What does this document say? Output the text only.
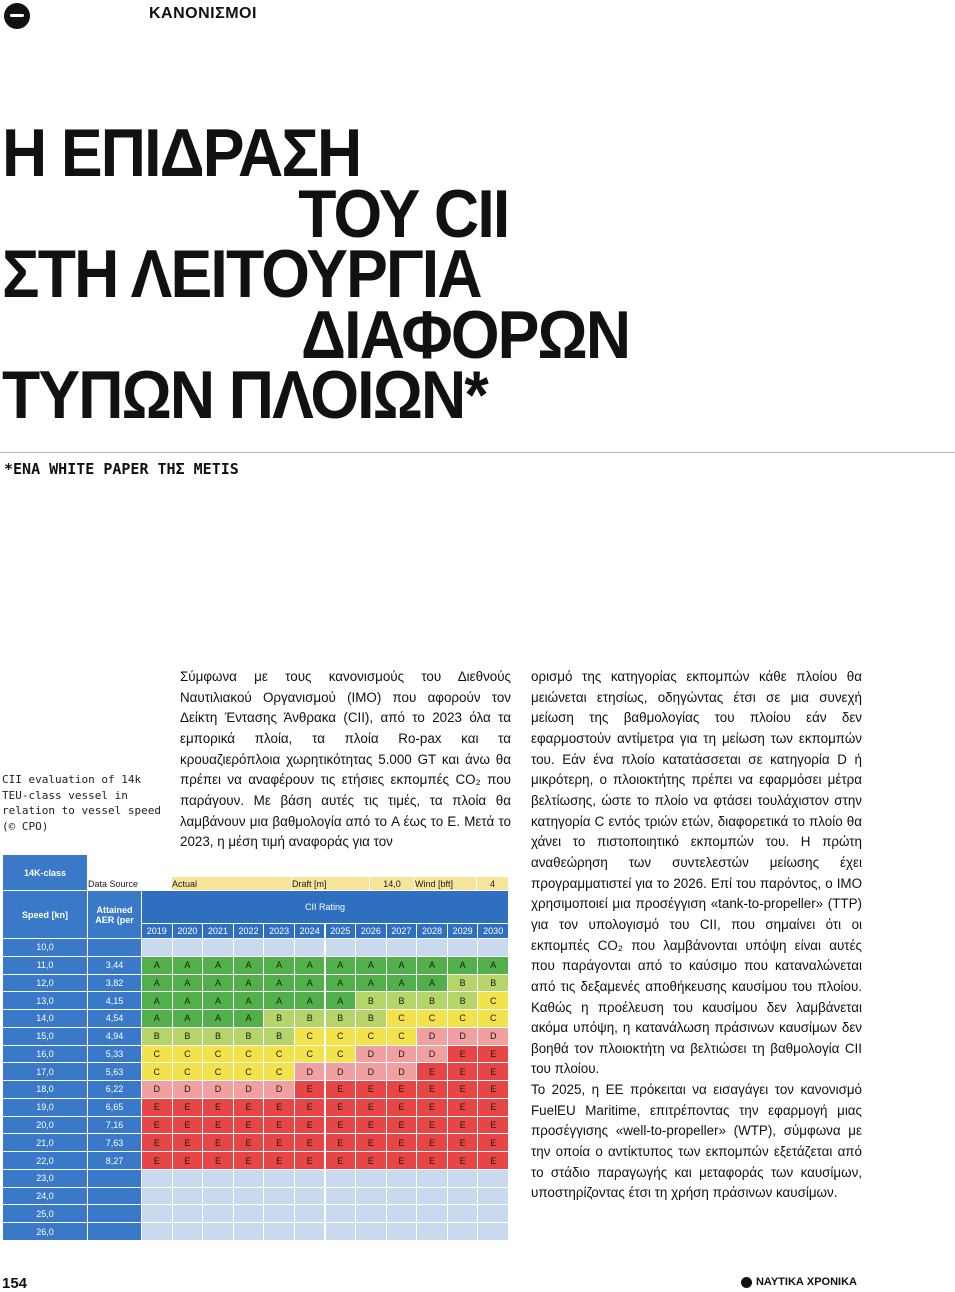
ΚΑΝΟΝΙΣΜΟΙ
Η ΕΠΙΔΡΑΣΗ
ΤΟΥ CII
ΣΤΗ ΛΕΙΤΟΥΡΓΙΑ
ΔΙΑΦΟΡΩΝ
ΤΥΠΩΝ ΠΛΟΙΩΝ*
*ΕΝΑ WHITE PAPER ΤΗΣ METIS
CII evaluation of 14k TEU-class vessel in relation to vessel speed (© CPO)
14K-class
Data Source	Actual	Draft [m]	14,0	Wind [bft]	4
Speed [kn]	Attained AER (per
CII Rating
2019	2020	2021	2022	2023	2024	2025	2026	2027	2028	2029	2030
10,0
11,0	3,44	A	A	A	A	A	A	A	A	A	A	A	A
12,0	3,82	A	A	A	A	A	A	A	A	A	A	B	B
13,0	4,15	A	A	A	A	A	A	A	B	B	B	B	C
14,0	4,54	A	A	A	A	B	B	B	B	C	C	C	C
15,0	4,94	B	B	B	B	B	C	C	C	C	D	D	D
16,0	5,33	C	C	C	C	C	C	C	D	D	D	E	E
17,0	5,63	C	C	C	C	C	D	D	D	D	E	E	E
18,0	6,22	D	D	D	D	D	E	E	E	E	E	E	E
19,0	6,65	E	E	E	E	E	E	E	E	E	E	E	E
20,0	7,16	E	E	E	E	E	E	E	E	E	E	E	E
21,0	7,63	E	E	E	E	E	E	E	E	E	E	E	E
22,0	8,27	E	E	E	E	E	E	E	E	E	E	E	E
23,0
24,0
25,0
26,0

Σύμφωνα με τους κανονισμούς του Διεθνούς Ναυτιλιακού Οργανισμού (IMO) που αφορούν τον Δείκτη Έντασης Άνθρακα (CII), από το 2023 όλα τα εμπορικά πλοία, τα πλοία Ro-pax και τα κρουαζιερόπλοια χωρητικότητας 5.000 GT και άνω θα πρέπει να αναφέρουν τις ετήσιες εκπομπές CO₂ που παράγουν. Με βάση αυτές τις τιμές, τα πλοία θα λαμβάνουν μια βαθμολογία από το A έως το E. Μετά το 2023, η μέση τιμή αναφοράς για τον

ορισμό της κατηγορίας εκπομπών κάθε πλοίου θα μειώνεται ετησίως, οδηγώντας έτσι σε μια συνεχή μείωση της βαθμολογίας του πλοίου εάν δεν εφαρμοστούν αντίμετρα για τη μείωση των εκπομπών του. Εάν ένα πλοίο κατατάσσεται σε κατηγορία D ή μικρότερη, ο πλοιοκτήτης πρέπει να εφαρμόσει μέτρα βελτίωσης, ώστε το πλοίο να φτάσει τουλάχιστον στην κατηγορία C εντός τριών ετών, διαφορετικά το πλοίο θα χάνει το πιστοποιητικό εκπομπών του. Η πρώτη αναθεώρηση των συντελεστών μείωσης έχει προγραμματιστεί για το 2026. Επί του παρόντος, ο IMO χρησιμοποιεί μια προσέγγιση «tank-to-propeller» (TTP) για τον υπολογισμό του CII, που σημαίνει ότι οι εκπομπές CO₂ που λαμβάνονται υπόψη είναι αυτές που παράγονται από το καύσιμο που καταναλώνεται από τις δεξαμενές αποθήκευσης καυσίμου του πλοίου. Καθώς η προέλευση του καυσίμου δεν λαμβάνεται ακόμα υπόψη, η κατανάλωση πράσινων καυσίμων δεν βοηθά τον πλοιοκτήτη να βελτιώσει τη βαθμολογία CII του πλοίου.

Το 2025, η ΕΕ πρόκειται να εισαγάγει τον κανονισμό FuelEU Maritime, επιτρέποντας την εφαρμογή μιας προσέγγισης «well-to-propeller» (WTP), σύμφωνα με την οποία ο αντίκτυπος των εκπομπών εξετάζεται από το στάδιο παραγωγής και μεταφοράς των καυσίμων, υποστηρίζοντας έτσι τη χρήση πράσινων καυσίμων.

154	ΝΑΥΤΙΚΑ ΧΡΟΝΙΚΑ
